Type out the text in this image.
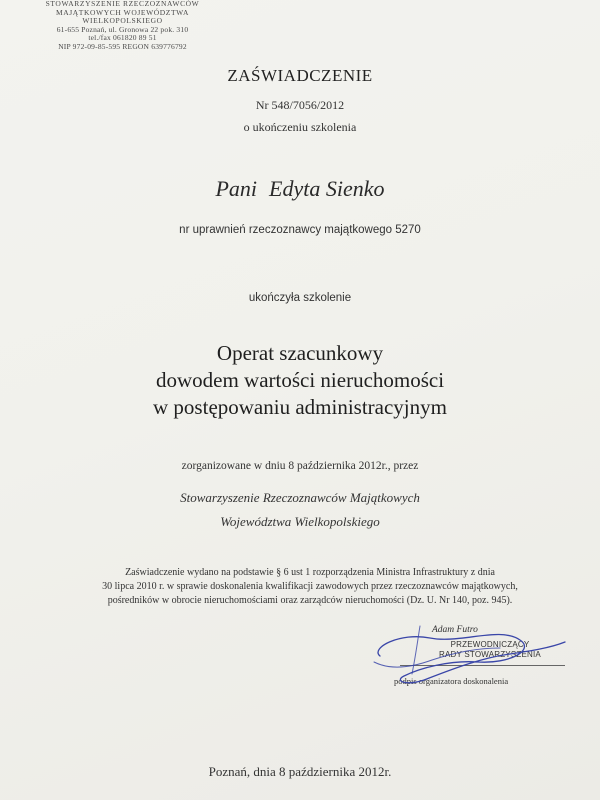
STOWARZYSZENIE RZECZOZNAWCÓW
MAJĄTKOWYCH WOJEWÓDZTWA
WIELKOPOLSKIEGO
61-655 Poznań, ul. Gronowa 22 pok. 310
tel./fax 061820 89 51
NIP 972-09-85-595 REGON 639776792
ZAŚWIADCZENIE
Nr 548/7056/2012
o ukończeniu szkolenia
Pani Edyta Sienko
nr uprawnień rzeczoznawcy majątkowego 5270
ukończyła szkolenie
Operat szacunkowy
dowodem wartości nieruchomości
w postępowaniu administracyjnym
zorganizowane w dniu 8 października 2012r., przez
Stowarzyszenie Rzeczoznawców Majątkowych
Województwa Wielkopolskiego
Zaświadczenie wydano na podstawie § 6 ust 1 rozporządzenia Ministra Infrastruktury z dnia
30 lipca 2010 r. w sprawie doskonalenia kwalifikacji zawodowych przez rzeczoznawców majątkowych,
pośredników w obrocie nieruchomościami oraz zarządców nieruchomości (Dz. U. Nr 140, poz. 945).
Adam Futro
PRZEWODNICZĄCY
RADY STOWARZYSZENIA
podpis organizatora doskonalenia
Poznań, dnia 8 października 2012r.
